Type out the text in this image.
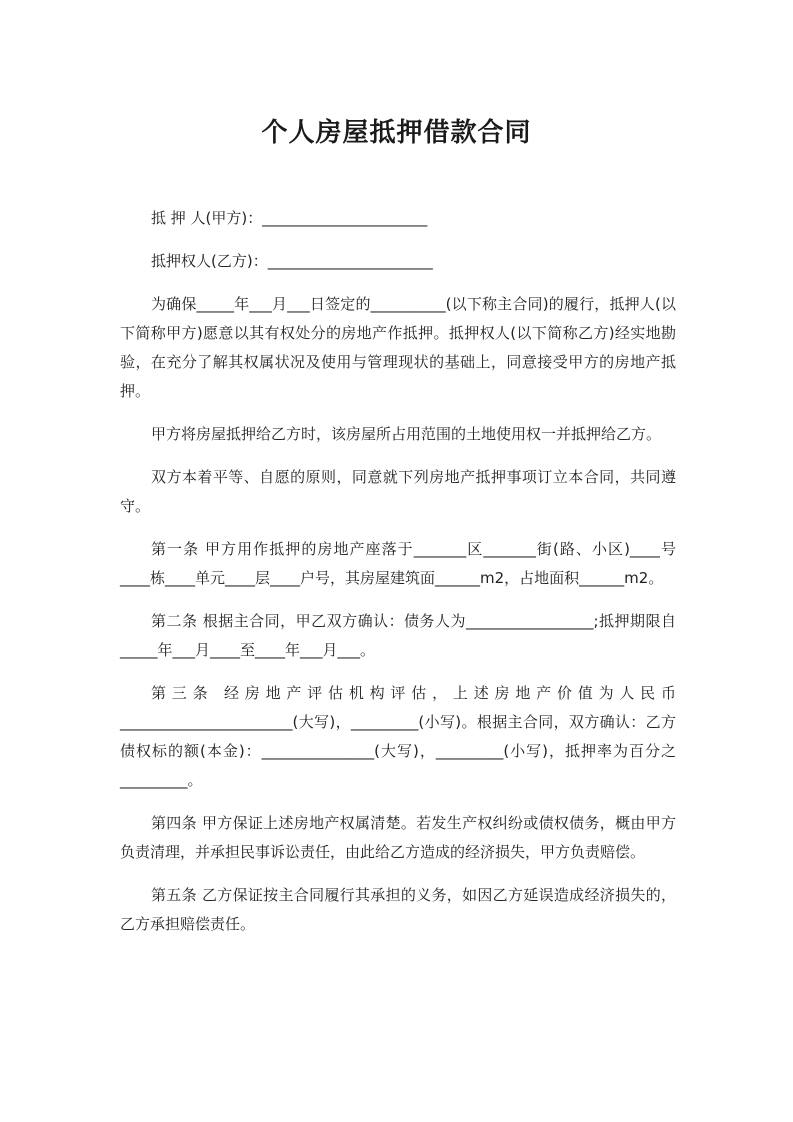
个人房屋抵押借款合同

抵 押 人(甲方)：______________________

抵押权人(乙方)：______________________

为确保_____年___月___日签定的__________(以下称主合同)的履行，抵押人(以下简称甲方)愿意以其有权处分的房地产作抵押。抵押权人(以下简称乙方)经实地勘验，在充分了解其权属状况及使用与管理现状的基础上，同意接受甲方的房地产抵押。

甲方将房屋抵押给乙方时，该房屋所占用范围的土地使用权一并抵押给乙方。

双方本着平等、自愿的原则，同意就下列房地产抵押事项订立本合同，共同遵守。

第一条 甲方用作抵押的房地产座落于_______区_______街(路、小区)____号____栋____单元____层____户号，其房屋建筑面______m2，占地面积______m2。

第二条 根据主合同，甲乙双方确认：债务人为_________________;抵押期限自_____年___月____至____年___月___。

第三条 经房地产评估机构评估，上述房地产价值为人民币_______________________(大写)，_________(小写)。根据主合同，双方确认：乙方债权标的额(本金)：_______________(大写)，_________(小写)，抵押率为百分之 _________。

第四条 甲方保证上述房地产权属清楚。若发生产权纠纷或债权债务，概由甲方负责清理，并承担民事诉讼责任，由此给乙方造成的经济损失，甲方负责赔偿。

第五条 乙方保证按主合同履行其承担的义务，如因乙方延误造成经济损失的，乙方承担赔偿责任。
